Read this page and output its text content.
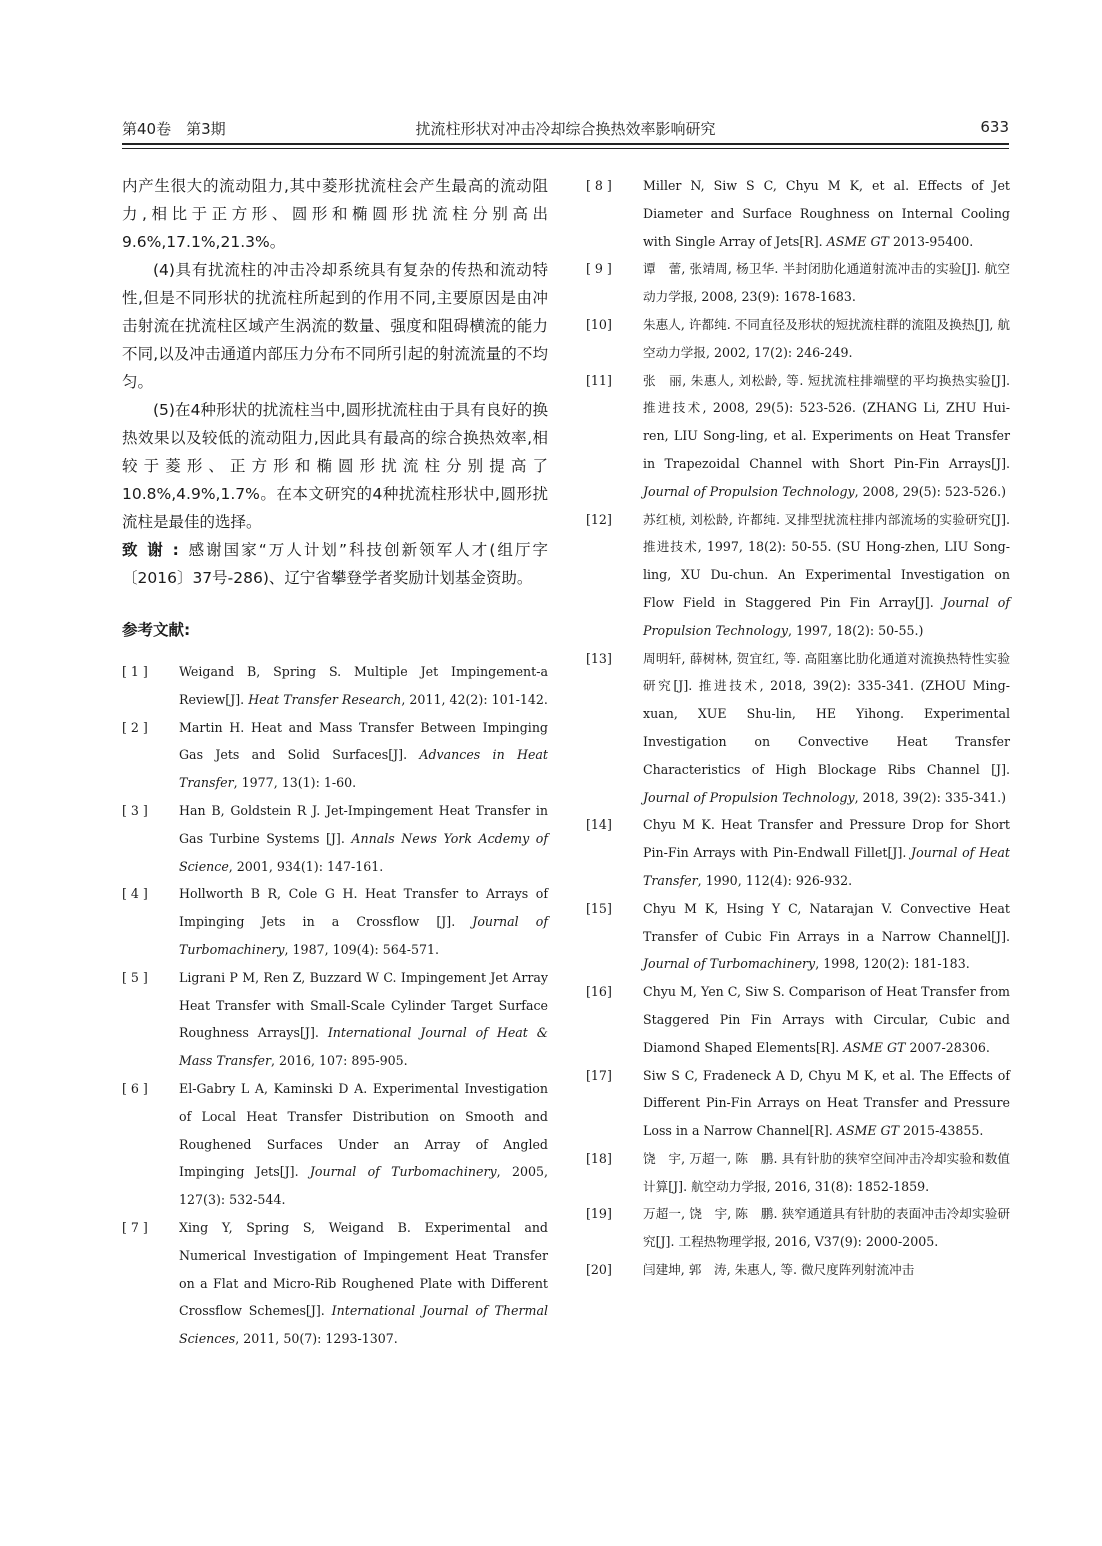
第40卷　第3期	扰流柱形状对冲击冷却综合换热效率影响研究	633

内产生很大的流动阻力,其中菱形扰流柱会产生最高的流动阻力,相比于正方形、圆形和椭圆形扰流柱分别高出9.6%,17.1%,21.3%。

(4)具有扰流柱的冲击冷却系统具有复杂的传热和流动特性,但是不同形状的扰流柱所起到的作用不同,主要原因是由冲击射流在扰流柱区域产生涡流的数量、强度和阻碍横流的能力不同,以及冲击通道内部压力分布不同所引起的射流流量的不均匀。

(5)在4种形状的扰流柱当中,圆形扰流柱由于具有良好的换热效果以及较低的流动阻力,因此具有最高的综合换热效率,相较于菱形、正方形和椭圆形扰流柱分别提高了10.8%,4.9%,1.7%。在本文研究的4种扰流柱形状中,圆形扰流柱是最佳的选择。

致谢:感谢国家“万人计划”科技创新领军人才(组厅字〔2016〕37号-286)、辽宁省攀登学者奖励计划基金资助。

参考文献:
[ 1 ]	Weigand B, Spring S. Multiple Jet Impingement-a Review[J]. Heat Transfer Research, 2011, 42(2): 101-142.
[ 2 ]	Martin H. Heat and Mass Transfer Between Impinging Gas Jets and Solid Surfaces[J]. Advances in Heat Transfer, 1977, 13(1): 1-60.
[ 3 ]	Han B, Goldstein R J. Jet-Impingement Heat Transfer in Gas Turbine Systems [J]. Annals News York Acdemy of Science, 2001, 934(1): 147-161.
[ 4 ]	Hollworth B R, Cole G H. Heat Transfer to Arrays of Impinging Jets in a Crossflow [J]. Journal of Turbomachinery, 1987, 109(4): 564-571.
[ 5 ]	Ligrani P M, Ren Z, Buzzard W C. Impingement Jet Array Heat Transfer with Small-Scale Cylinder Target Surface Roughness Arrays[J]. International Journal of Heat & Mass Transfer, 2016, 107: 895-905.
[ 6 ]	El-Gabry L A, Kaminski D A. Experimental Investigation of Local Heat Transfer Distribution on Smooth and Roughened Surfaces Under an Array of Angled Impinging Jets[J]. Journal of Turbomachinery, 2005, 127(3): 532-544.
[ 7 ]	Xing Y, Spring S, Weigand B. Experimental and Numerical Investigation of Impingement Heat Transfer on a Flat and Micro-Rib Roughened Plate with Different Crossflow Schemes[J]. International Journal of Thermal Sciences, 2011, 50(7): 1293-1307.
[ 8 ]	Miller N, Siw S C, Chyu M K, et al. Effects of Jet Diameter and Surface Roughness on Internal Cooling with Single Array of Jets[R]. ASME GT 2013-95400.
[ 9 ]	谭　蕾, 张靖周, 杨卫华. 半封闭肋化通道射流冲击的实验[J]. 航空动力学报, 2008, 23(9): 1678-1683.
[10]	朱惠人, 许都纯. 不同直径及形状的短扰流柱群的流阻及换热[J], 航空动力学报, 2002, 17(2): 246-249.
[11]	张　丽, 朱惠人, 刘松龄, 等. 短扰流柱排端壁的平均换热实验[J]. 推进技术, 2008, 29(5): 523-526. (ZHANG Li, ZHU Hui-ren, LIU Song-ling, et al. Experiments on Heat Transfer in Trapezoidal Channel with Short Pin-Fin Arrays[J]. Journal of Propulsion Technology, 2008, 29(5): 523-526.)
[12]	苏红桢, 刘松龄, 许都纯. 叉排型扰流柱排内部流场的实验研究[J]. 推进技术, 1997, 18(2): 50-55. (SU Hong-zhen, LIU Song-ling, XU Du-chun. An Experimental Investigation on Flow Field in Staggered Pin Fin Array[J]. Journal of Propulsion Technology, 1997, 18(2): 50-55.)
[13]	周明轩, 薛树林, 贺宜红, 等. 高阻塞比肋化通道对流换热特性实验研究[J]. 推进技术, 2018, 39(2): 335-341. (ZHOU Ming-xuan, XUE Shu-lin, HE Yihong. Experimental Investigation on Convective Heat Transfer Characteristics of High Blockage Ribs Channel [J]. Journal of Propulsion Technology, 2018, 39(2): 335-341.)
[14]	Chyu M K. Heat Transfer and Pressure Drop for Short Pin-Fin Arrays with Pin-Endwall Fillet[J]. Journal of Heat Transfer, 1990, 112(4): 926-932.
[15]	Chyu M K, Hsing Y C, Natarajan V. Convective Heat Transfer of Cubic Fin Arrays in a Narrow Channel[J]. Journal of Turbomachinery, 1998, 120(2): 181-183.
[16]	Chyu M, Yen C, Siw S. Comparison of Heat Transfer from Staggered Pin Fin Arrays with Circular, Cubic and Diamond Shaped Elements[R]. ASME GT 2007-28306.
[17]	Siw S C, Fradeneck A D, Chyu M K, et al. The Effects of Different Pin-Fin Arrays on Heat Transfer and Pressure Loss in a Narrow Channel[R]. ASME GT 2015-43855.
[18]	饶　宇, 万超一, 陈　鹏. 具有针肋的狭窄空间冲击冷却实验和数值计算[J]. 航空动力学报, 2016, 31(8): 1852-1859.
[19]	万超一, 饶　宇, 陈　鹏. 狭窄通道具有针肋的表面冲击冷却实验研究[J]. 工程热物理学报, 2016, V37(9): 2000-2005.
[20]	闫建坤, 郭　涛, 朱惠人, 等. 微尺度阵列射流冲击
